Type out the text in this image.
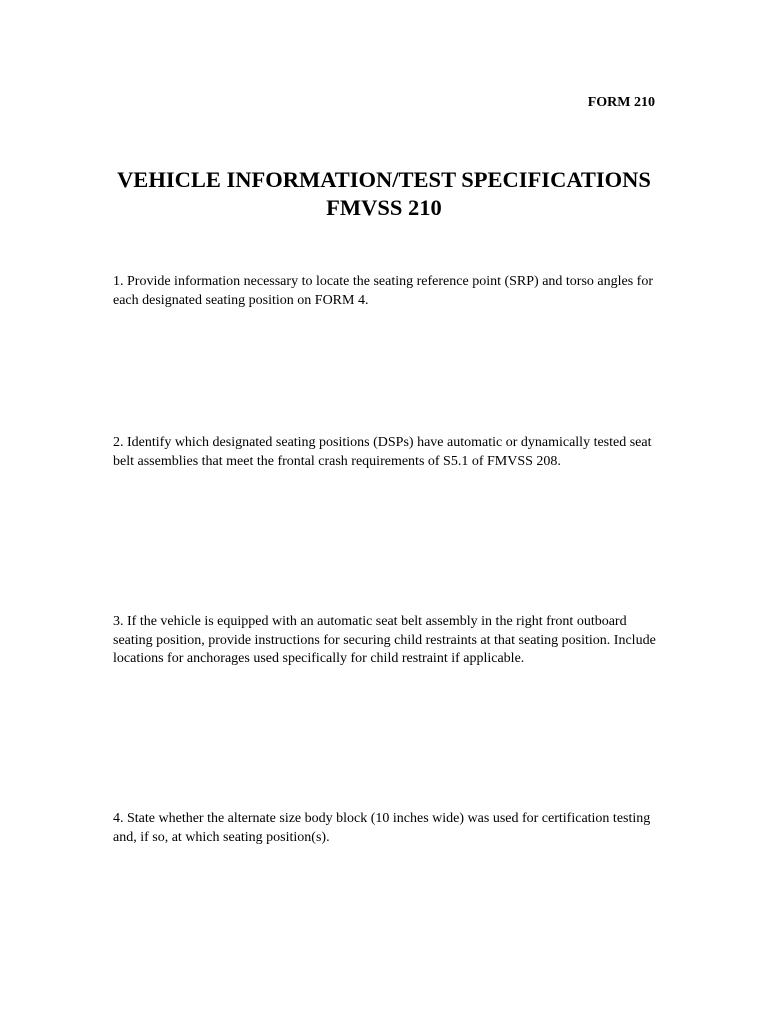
FORM 210
VEHICLE INFORMATION/TEST SPECIFICATIONS
FMVSS 210
1. Provide information necessary to locate the seating reference point (SRP) and torso angles for each designated seating position on FORM 4.
2. Identify which designated seating positions (DSPs) have automatic or dynamically tested seat belt assemblies that meet the frontal crash requirements of S5.1 of FMVSS 208.
3. If the vehicle is equipped with an automatic seat belt assembly in the right front outboard seating position, provide instructions for securing child restraints at that seating position. Include locations for anchorages used specifically for child restraint if applicable.
4. State whether the alternate size body block (10 inches wide) was used for certification testing and, if so, at which seating position(s).
